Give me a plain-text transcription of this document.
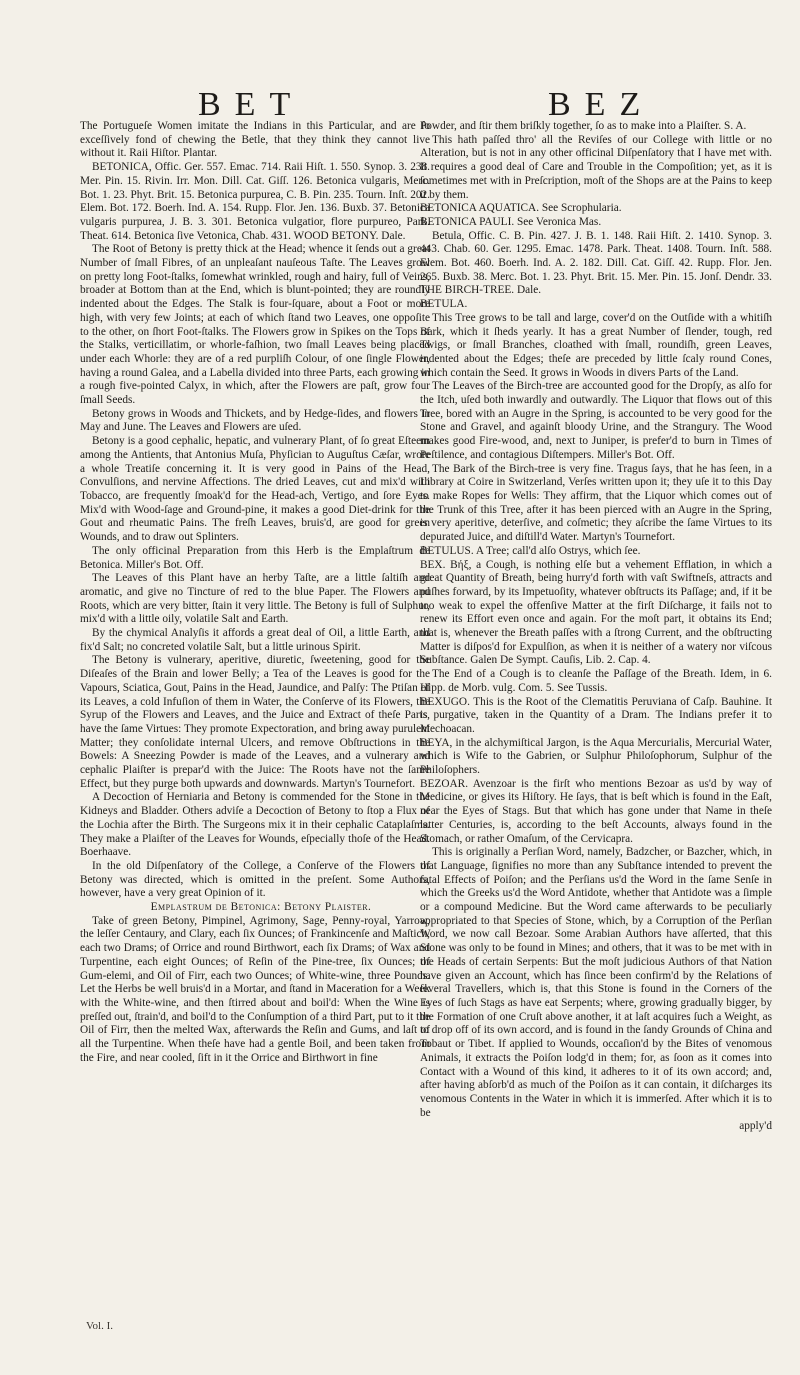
BET	BEZ

The Portugueſe Women imitate the Indians in this Particular, and are ſo exceſſively fond of chewing the Betle, that they think they cannot live without it. Raii Hiſtor. Plantar.

BETONICA, Offic. Ger. 557. Emac. 714. Raii Hiſt. 1. 550. Synop. 3. 238. Mer. Pin. 15. Rivin. Irr. Mon. Dill. Cat. Giſſ. 126. Betonica vulgaris, Merc. Bot. 1. 23. Phyt. Brit. 15. Betonica purpurea, C. B. Pin. 235. Tourn. Inſt. 202. Elem. Bot. 172. Boerh. Ind. A. 154. Rupp. Flor. Jen. 136. Buxb. 37. Betonica vulgaris purpurea, J. B. 3. 301. Betonica vulgatior, flore purpureo, Park. Theat. 614. Betonica ſive Vetonica, Chab. 431. WOOD BETONY. Dale.

The Root of Betony is pretty thick at the Head; whence it ſends out a great Number of ſmall Fibres, of an unpleaſant nauſeous Taſte. The Leaves grow on pretty long Foot-ſtalks, ſomewhat wrinkled, rough and hairy, full of Veins, broader at Bottom than at the End, which is blunt-pointed; they are roundly indented about the Edges. The Stalk is four-ſquare, about a Foot or more high, with very few Joints; at each of which ſtand two Leaves, one oppoſite to the other, on ſhort Foot-ſtalks. The Flowers grow in Spikes on the Tops of the Stalks, verticillatim, or whorle-faſhion, two ſmall Leaves being placed under each Whorle: they are of a red purpliſh Colour, of one ſingle Flower, having a round Galea, and a Labella divided into three Parts, each growing in a rough five-pointed Calyx, in which, after the Flowers are paſt, grow four ſmall Seeds.

Betony grows in Woods and Thickets, and by Hedge-ſides, and flowers in May and June. The Leaves and Flowers are uſed.

Betony is a good cephalic, hepatic, and vulnerary Plant, of ſo great Eſteem among the Antients, that Antonius Muſa, Phyſician to Auguſtus Cæſar, wrote a whole Treatiſe concerning it. It is very good in Pains of the Head, Convulſions, and nervine Affections. The dried Leaves, cut and mix'd with Tobacco, are frequently ſmoak'd for the Head-ach, Vertigo, and ſore Eyes. Mix'd with Wood-ſage and Ground-pine, it makes a good Diet-drink for the Gout and rheumatic Pains. The freſh Leaves, bruis'd, are good for green Wounds, and to draw out Splinters.

The only officinal Preparation from this Herb is the Emplaſtrum de Betonica. Miller's Bot. Off.

The Leaves of this Plant have an herby Taſte, are a little ſaltiſh and aromatic, and give no Tincture of red to the blue Paper. The Flowers and Roots, which are very bitter, ſtain it very little. The Betony is full of Sulphur, mix'd with a little oily, volatile Salt and Earth.

By the chymical Analyſis it affords a great deal of Oil, a little Earth, and fix'd Salt; no concreted volatile Salt, but a little urinous Spirit.

The Betony is vulnerary, aperitive, diuretic, ſweetening, good for the Diſeaſes of the Brain and lower Belly; a Tea of the Leaves is good for the Vapours, Sciatica, Gout, Pains in the Head, Jaundice, and Palſy: The Ptiſan of its Leaves, a cold Infuſion of them in Water, the Conſerve of its Flowers, the Syrup of the Flowers and Leaves, and the Juice and Extract of theſe Parts, have the ſame Virtues: They promote Expectoration, and bring away purulent Matter; they conſolidate internal Ulcers, and remove Obſtructions in the Bowels: A Sneezing Powder is made of the Leaves, and a vulnerary and cephalic Plaiſter is prepar'd with the Juice: The Roots have not the ſame Effect, but they purge both upwards and downwards. Martyn's Tournefort.

A Decoction of Herniaria and Betony is commended for the Stone in the Kidneys and Bladder. Others adviſe a Decoction of Betony to ſtop a Flux of the Lochia after the Birth. The Surgeons mix it in their cephalic Cataplaſms. They make a Plaiſter of the Leaves for Wounds, eſpecially thoſe of the Head. Boerhaave.

In the old Diſpenſatory of the College, a Conſerve of the Flowers of Betony was directed, which is omitted in the preſent. Some Authors, however, have a very great Opinion of it.

Emplastrum de Betonica: Betony Plaister.

Take of green Betony, Pimpinel, Agrimony, Sage, Penny-royal, Yarrow, the leſſer Centaury, and Clary, each ſix Ounces; of Frankincenſe and Maſtich, each two Drams; of Orrice and round Birthwort, each ſix Drams; of Wax and Turpentine, each eight Ounces; of Reſin of the Pine-tree, ſix Ounces; of Gum-elemi, and Oil of Firr, each two Ounces; of White-wine, three Pounds. Let the Herbs be well bruis'd in a Mortar, and ſtand in Maceration for a Week with the White-wine, and then ſtirred about and boil'd: When the Wine is preſſed out, ſtrain'd, and boil'd to the Conſumption of a third Part, put to it the Oil of Firr, then the melted Wax, afterwards the Reſin and Gums, and laſt of all the Turpentine. When theſe have had a gentle Boil, and been taken from the Fire, and near cooled, ſift in it the Orrice and Birthwort in fine

Powder, and ſtir them briſkly together, ſo as to make into a Plaiſter. S. A.

This hath paſſed thro' all the Reviſes of our College with little or no Alteration, but is not in any other officinal Diſpenſatory that I have met with. It requires a good deal of Care and Trouble in the Compoſition; yet, as it is ſometimes met with in Preſcription, moſt of the Shops are at the Pains to keep it by them.

BETONICA AQUATICA. See Scrophularia.

BETONICA PAULI. See Veronica Mas.

Betula, Offic. C. B. Pin. 427. J. B. 1. 148. Raii Hiſt. 2. 1410. Synop. 3. 443. Chab. 60. Ger. 1295. Emac. 1478. Park. Theat. 1408. Tourn. Inſt. 588. Elem. Bot. 460. Boerh. Ind. A. 2. 182. Dill. Cat. Giſſ. 42. Rupp. Flor. Jen. 265. Buxb. 38. Merc. Bot. 1. 23. Phyt. Brit. 15. Mer. Pin. 15. Jonſ. Dendr. 33. THE BIRCH-TREE. Dale.

BETULA.

This Tree grows to be tall and large, cover'd on the Outſide with a whitiſh Bark, which it ſheds yearly. It has a great Number of ſlender, tough, red Twigs, or ſmall Branches, cloathed with ſmall, roundiſh, green Leaves, indented about the Edges; theſe are preceded by little ſcaly round Cones, which contain the Seed. It grows in Woods in divers Parts of the Land.

The Leaves of the Birch-tree are accounted good for the Dropſy, as alſo for the Itch, uſed both inwardly and outwardly. The Liquor that flows out of this Tree, bored with an Augre in the Spring, is accounted to be very good for the Stone and Gravel, and againſt bloody Urine, and the Strangury. The Wood makes good Fire-wood, and, next to Juniper, is prefer'd to burn in Times of Peſtilence, and contagious Diſtempers. Miller's Bot. Off.

The Bark of the Birch-tree is very fine. Tragus ſays, that he has ſeen, in a Library at Coire in Switzerland, Verſes written upon it; they uſe it to this Day to make Ropes for Wells: They affirm, that the Liquor which comes out of the Trunk of this Tree, after it has been pierced with an Augre in the Spring, is very aperitive, deterſive, and coſmetic; they aſcribe the ſame Virtues to its depurated Juice, and diſtill'd Water. Martyn's Tournefort.

BETULUS. A Tree; call'd alſo Ostrys, which ſee.

BEX. Βήξ, a Cough, is nothing elſe but a vehement Efflation, in which a great Quantity of Breath, being hurry'd forth with vaſt Swiftneſs, attracts and puſhes forward, by its Impetuoſity, whatever obſtructs its Paſſage; and, if it be too weak to expel the offenſive Matter at the firſt Diſcharge, it fails not to renew its Effort even once and again. For the moſt part, it obtains its End; that is, whenever the Breath paſſes with a ſtrong Current, and the obſtructing Matter is diſpos'd for Expulſion, as when it is neither of a watery nor viſcous Subſtance. Galen De Sympt. Cauſis, Lib. 2. Cap. 4.

The End of a Cough is to cleanſe the Paſſage of the Breath. Idem, in 6. Hipp. de Morb. vulg. Com. 5. See Tussis.

BEXUGO. This is the Root of the Clematitis Peruviana of Caſp. Bauhine. It is purgative, taken in the Quantity of a Dram. The Indians prefer it to Mechoacan.

BEYA, in the alchymiſtical Jargon, is the Aqua Mercurialis, Mercurial Water, which is Wife to the Gabrien, or Sulphur Philoſophorum, Sulphur of the Philoſophers.

BEZOAR. Avenzoar is the firſt who mentions Bezoar as us'd by way of Medicine, or gives its Hiſtory. He ſays, that is beſt which is found in the Eaſt, near the Eyes of Stags. But that which has gone under that Name in theſe latter Centuries, is, according to the beſt Accounts, always found in the Stomach, or rather Omaſum, of the Cervicapra.

This is originally a Perſian Word, namely, Badzcher, or Bazcher, which, in that Language, ſignifies no more than any Subſtance intended to prevent the fatal Effects of Poiſon; and the Perſians us'd the Word in the ſame Senſe in which the Greeks us'd the Word Antidote, whether that Antidote was a ſimple or a compound Medicine. But the Word came afterwards to be peculiarly appropriated to that Species of Stone, which, by a Corruption of the Perſian Word, we now call Bezoar. Some Arabian Authors have aſſerted, that this Stone was only to be found in Mines; and others, that it was to be met with in the Heads of certain Serpents: But the moſt judicious Authors of that Nation have given an Account, which has ſince been confirm'd by the Relations of ſeveral Travellers, which is, that this Stone is found in the Corners of the Eyes of ſuch Stags as have eat Serpents; where, growing gradually bigger, by the Formation of one Cruſt above another, it at laſt acquires ſuch a Weight, as to drop off of its own accord, and is found in the ſandy Grounds of China and Tobaut or Tibet. If applied to Wounds, occaſion'd by the Bites of venomous Animals, it extracts the Poiſon lodg'd in them; for, as ſoon as it comes into Contact with a Wound of this kind, it adheres to it of its own accord; and, after having abſorb'd as much of the Poiſon as it can contain, it diſcharges its venomous Contents in the Water in which it is immerſed. After which it is to be

apply'd

Vol. I.
